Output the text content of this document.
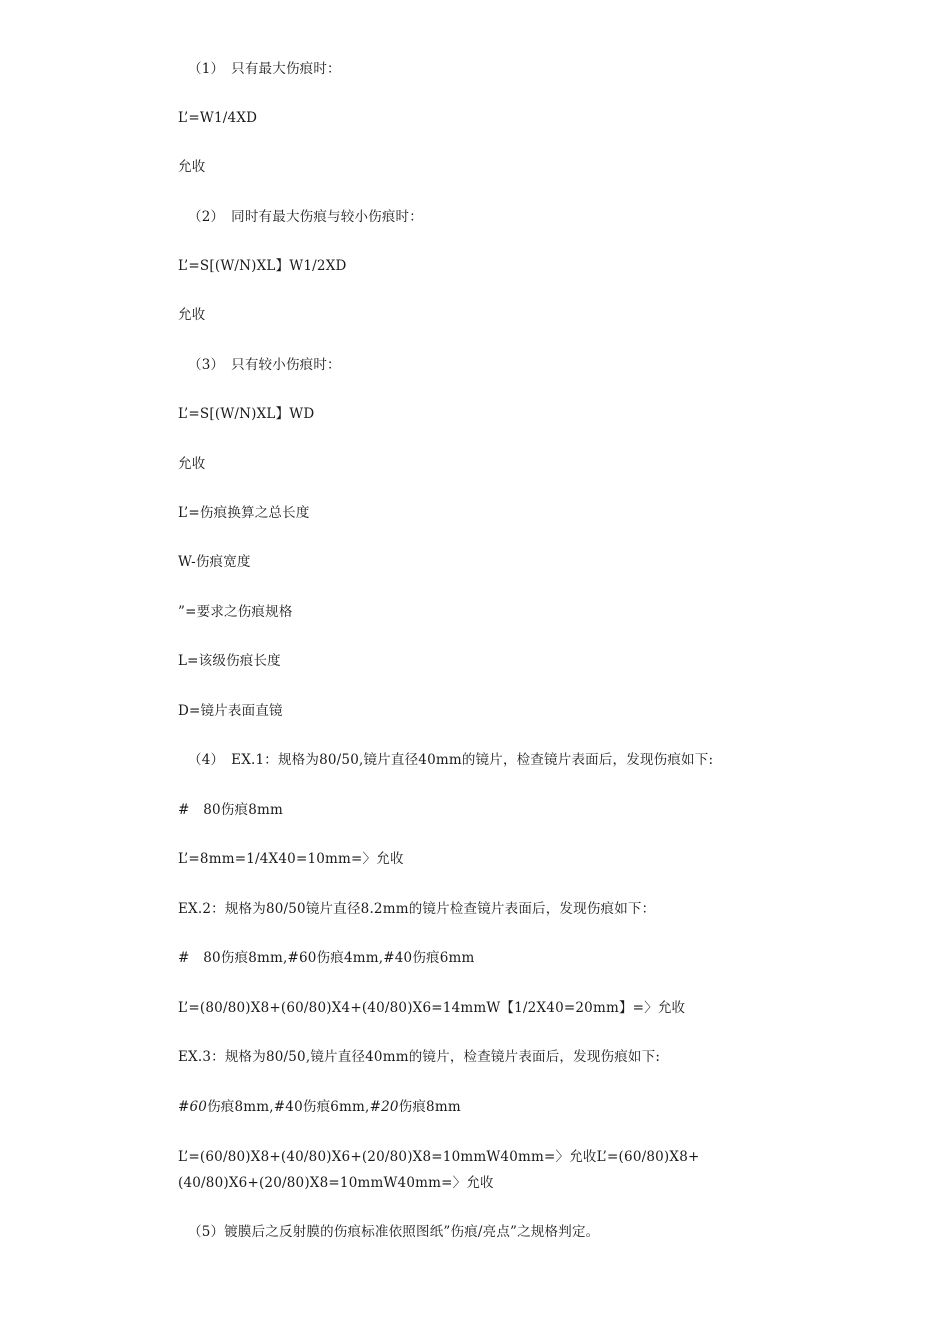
（1）　只有最大伤痕时：
L’=W1/4XD
允收
（2）　同时有最大伤痕与较小伤痕时：
L’=S[(W/N)XL】W1/2XD
允收
（3）　只有较小伤痕时：
L’=S[(W/N)XL】WD
允收
L’=伤痕换算之总长度
W-伤痕宽度
”=要求之伤痕规格
L=该级伤痕长度
D=镜片表面直镜
（4）　EX.1：规格为80/50,镜片直径40mm的镜片，检查镜片表面后，发现伤痕如下:
#　80伤痕8mm
L’=8mm=1/4X40=10mm=〉允收
EX.2：规格为80/50镜片直径8.2mm的镜片检查镜片表面后，发现伤痕如下：
#　80伤痕8mm,#60伤痕4mm,#40伤痕6mm
L’=(80/80)X8+(60/80)X4+(40/80)X6=14mmW【1/2X40=20mm】=〉允收
EX.3：规格为80/50,镜片直径40mm的镜片，检查镜片表面后，发现伤痕如下:
#60伤痕8mm,#40伤痕6mm,#20伤痕8mm
L’=(60/80)X8+(40/80)X6+(20/80)X8=10mmW40mm=〉允收L’=(60/80)X8+(40/80)X6+(20/80)X8=10mmW40mm=〉允收
（5）镀膜后之反射膜的伤痕标准依照图纸”伤痕/亮点”之规格判定。
